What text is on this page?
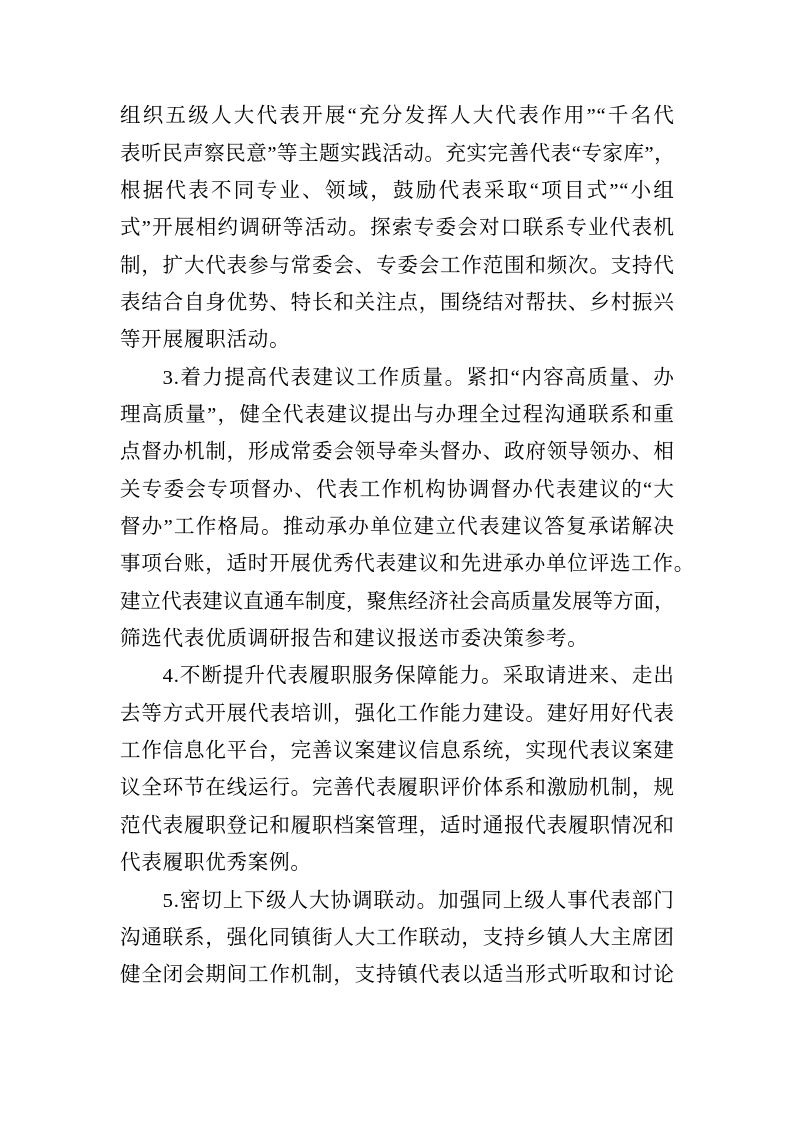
组织五级人大代表开展“充分发挥人大代表作用”“千名代
表听民声察民意”等主题实践活动。充实完善代表“专家库”，
根据代表不同专业、领域，鼓励代表采取“项目式”“小组
式”开展相约调研等活动。探索专委会对口联系专业代表机
制，扩大代表参与常委会、专委会工作范围和频次。支持代
表结合自身优势、特长和关注点，围绕结对帮扶、乡村振兴
等开展履职活动。
3.着力提高代表建议工作质量。紧扣“内容高质量、办
理高质量”，健全代表建议提出与办理全过程沟通联系和重
点督办机制，形成常委会领导牵头督办、政府领导领办、相
关专委会专项督办、代表工作机构协调督办代表建议的“大
督办”工作格局。推动承办单位建立代表建议答复承诺解决
事项台账，适时开展优秀代表建议和先进承办单位评选工作。
建立代表建议直通车制度，聚焦经济社会高质量发展等方面，
筛选代表优质调研报告和建议报送市委决策参考。
4.不断提升代表履职服务保障能力。采取请进来、走出
去等方式开展代表培训，强化工作能力建设。建好用好代表
工作信息化平台，完善议案建议信息系统，实现代表议案建
议全环节在线运行。完善代表履职评价体系和激励机制，规
范代表履职登记和履职档案管理，适时通报代表履职情况和
代表履职优秀案例。
5.密切上下级人大协调联动。加强同上级人事代表部门
沟通联系，强化同镇街人大工作联动，支持乡镇人大主席团
健全闭会期间工作机制，支持镇代表以适当形式听取和讨论
